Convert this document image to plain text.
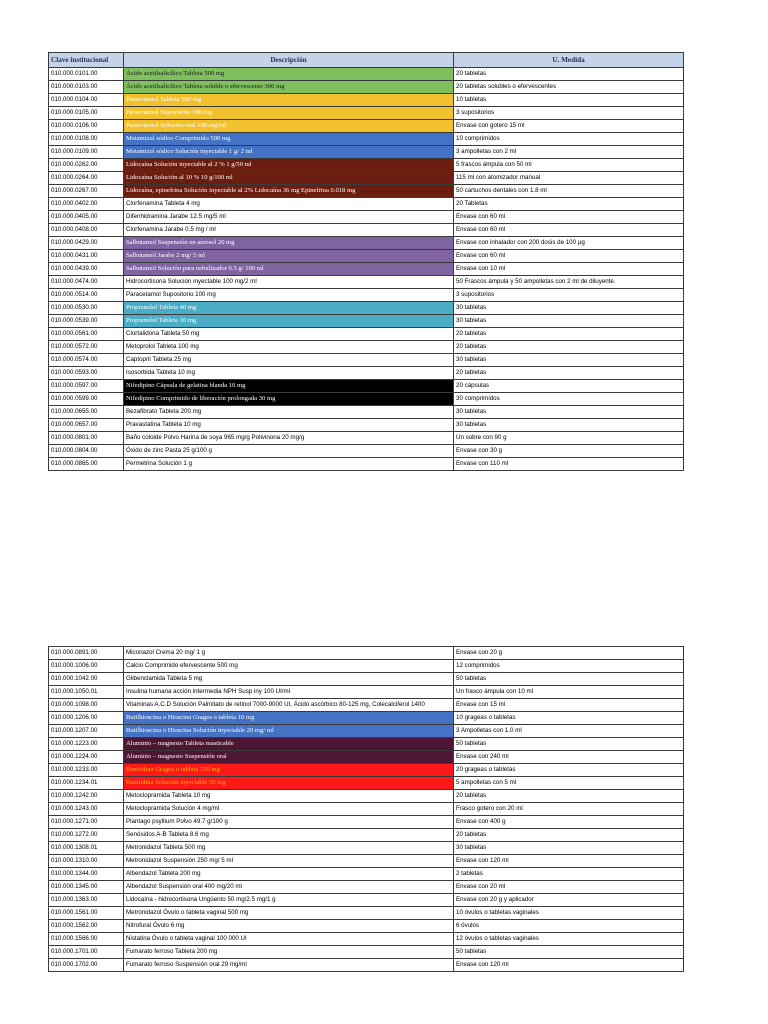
Clave institucional	Descripción	U. Medida
010.000.0101.00	Ácido acetilsalicílico Tableta 500 mg	20 tabletas
010.000.0103.00	Ácido acetilsalicílico Tableta soluble o efervescente 300 mg	20 tabletas solubles o efervescentes
010.000.0104.00	Paracetamol Tableta 500 mg	10 tabletas
010.000.0105.00	Paracetamol Supositorio 300 mg	3 supositorios
010.000.0106.00	Paracetamol Solución oral 100 mg/ml	Envase con gotero 15 ml
010.000.0108.00	Metamizol sódico Comprimido 500 mg	10 comprimidos
010.000.0109.00	Metamizol sódico Solución inyectable 1 g/ 2 ml	3 ampolletas con 2 ml
010.000.0262.00	Lidocaína Solución inyectable al 2 % 1 g/50 ml	5 frascos ámpula con 50 ml
010.000.0264.00	Lidocaína Solución al 10 % 10 g/100 ml	115 ml con atomizador manual
010.000.0267.00	Lidocaína, epinefrina Solución inyectable al 2% Lidocaína 36 mg Epinefrina 0.018 mg	50 cartuchos dentales con 1.8 ml
010.000.0402.00	Clorfenamina Tableta 4 mg	20 Tabletas
010.000.0405.00	Difenhidramina Jarabe 12.5 mg/5 ml	Envase con 60 ml
010.000.0408.00	Clorfenamina Jarabe 0.5 mg / ml	Envase con 60 ml
010.000.0429.00	Salbutamol Suspensión en aerosol 20 mg	Envase con inhalador con 200 dosis de 100 µg
010.000.0431.00	Salbutamol Jarabe 2 mg/ 5 ml	Envase con 60 ml
010.000.0439.00	Salbutamol Solución para nebulizador 0.5 g/ 100 ml	Envase con 10 ml
010.000.0474.00	Hidrocortisona Solución inyectable 100 mg/2 ml	50 Frascos ámpula y 50 ampolletas con 2 ml de diluyente.
010.000.0514.00	Paracetamol Supositorio 100 mg	3 supositorios
010.000.0530.00	Propranolol Tableta 40 mg	30 tabletas
010.000.0539.00	Propranolol Tableta 10 mg	30 tabletas
010.000.0561.00	Clortalidona Tableta 50 mg	20 tabletas
010.000.0572.00	Metoprolol Tableta 100 mg	20 tabletas
010.000.0574.00	Captopril Tableta 25 mg	30 tabletas
010.000.0593.00	Isosorbida Tableta 10 mg	20 tabletas
010.000.0597.00	Nifedipino Cápsula de gelatina blanda 10 mg	20 cápsulas
010.000.0599.00	Nifedipino Comprimido de liberación prolongada 30 mg	30 comprimidos
010.000.0655.00	Bezafibrato Tableta 200 mg	30 tabletas
010.000.0657.00	Pravastatina Tableta 10 mg	30 tabletas
010.000.0801.00	Baño coloide Polvo Harina de soya 965 mg/g Polivinona 20 mg/g	Un sobre con 90 g
010.000.0804.00	Óxido de zinc Pasta 25 g/100 g	Envase con 30 g
010.000.0865.00	Permetrina Solución 1 g	Envase con 110 ml
010.000.0891.00	Miconazol Crema 20 mg/ 1 g	Envase con 20 g
010.000.1006.00	Calcio Comprimido efervescente 500 mg	12 comprimidos
010.000.1042.00	Glibenclamida Tableta 5 mg	50 tabletas
010.000.1050.01	Insulina humana acción intermedia NPH Susp iny 100 UI/ml	Un frasco ámpula con 10 ml
010.000.1098.00	Vitaminas A.C.D Solución Palmitato de retinol 7000-9000 UI, Ácido ascórbico 80-125 mg, Colecalciferol 1400	Envase con 15 ml
010.000.1206.00	Butilhioscina o Hioscina Gragea o tableta 10 mg	10 grageas o tabletas
010.000.1207.00	Butilhioscina o Hioscina Solución inyectable 20 mg/ ml	3 Ampolletas con 1.0 ml
010.000.1223.00	Aluminio – magnesio Tableta masticable	50 tabletas
010.000.1224.00	Aluminio – magnesio Suspensión oral	Envase con 240 ml
010.000.1233.00	Ranitidina Gragea o tableta 150 mg	20 grageas o tabletas
010.000.1234.01	Ranitidina Solución inyectable 50 mg	5 ampolletas con 5 ml
010.000.1242.00	Metoclopramida Tableta 10 mg	20 tabletas
010.000.1243.00	Metoclopramida Solución 4 mg/ml	Frasco gotero con 20 ml
010.000.1271.00	Plantago psyllium Polvo 49.7 g/100 g	Envase con 400 g
010.000.1272.00	Senósidos A-B Tableta 8.6 mg	20 tabletas
010.000.1308.01	Metronidazol Tableta 500 mg	30 tabletas
010.000.1310.00	Metronidazol Suspensión 250 mg/ 5 ml	Envase con 120 ml
010.000.1344.00	Albendazol Tableta 200 mg	2 tabletas
010.000.1345.00	Albendazol Suspensión oral 400 mg/20 ml	Envase con 20 ml
010.000.1363.00	Lidocaína - hidrocortisona Ungüento 50 mg/2.5 mg/1 g	Envase con 20 g y aplicador
010.000.1561.00	Metronidazol Óvulo o tableta vaginal 500 mg	10 óvulos o tabletas vaginales
010.000.1562.00	Nitrofural Óvulo 6 mg	6 óvulos
010.000.1566.00	Nistatina Óvulo o tableta vaginal 100 000 UI	12 óvulos o tabletas vaginales
010.000.1701.00	Fumarato ferroso Tableta 200 mg	50 tabletas
010.000.1702.00	Fumarato ferroso Suspensión oral 29 mg/ml	Envase con 120 ml
